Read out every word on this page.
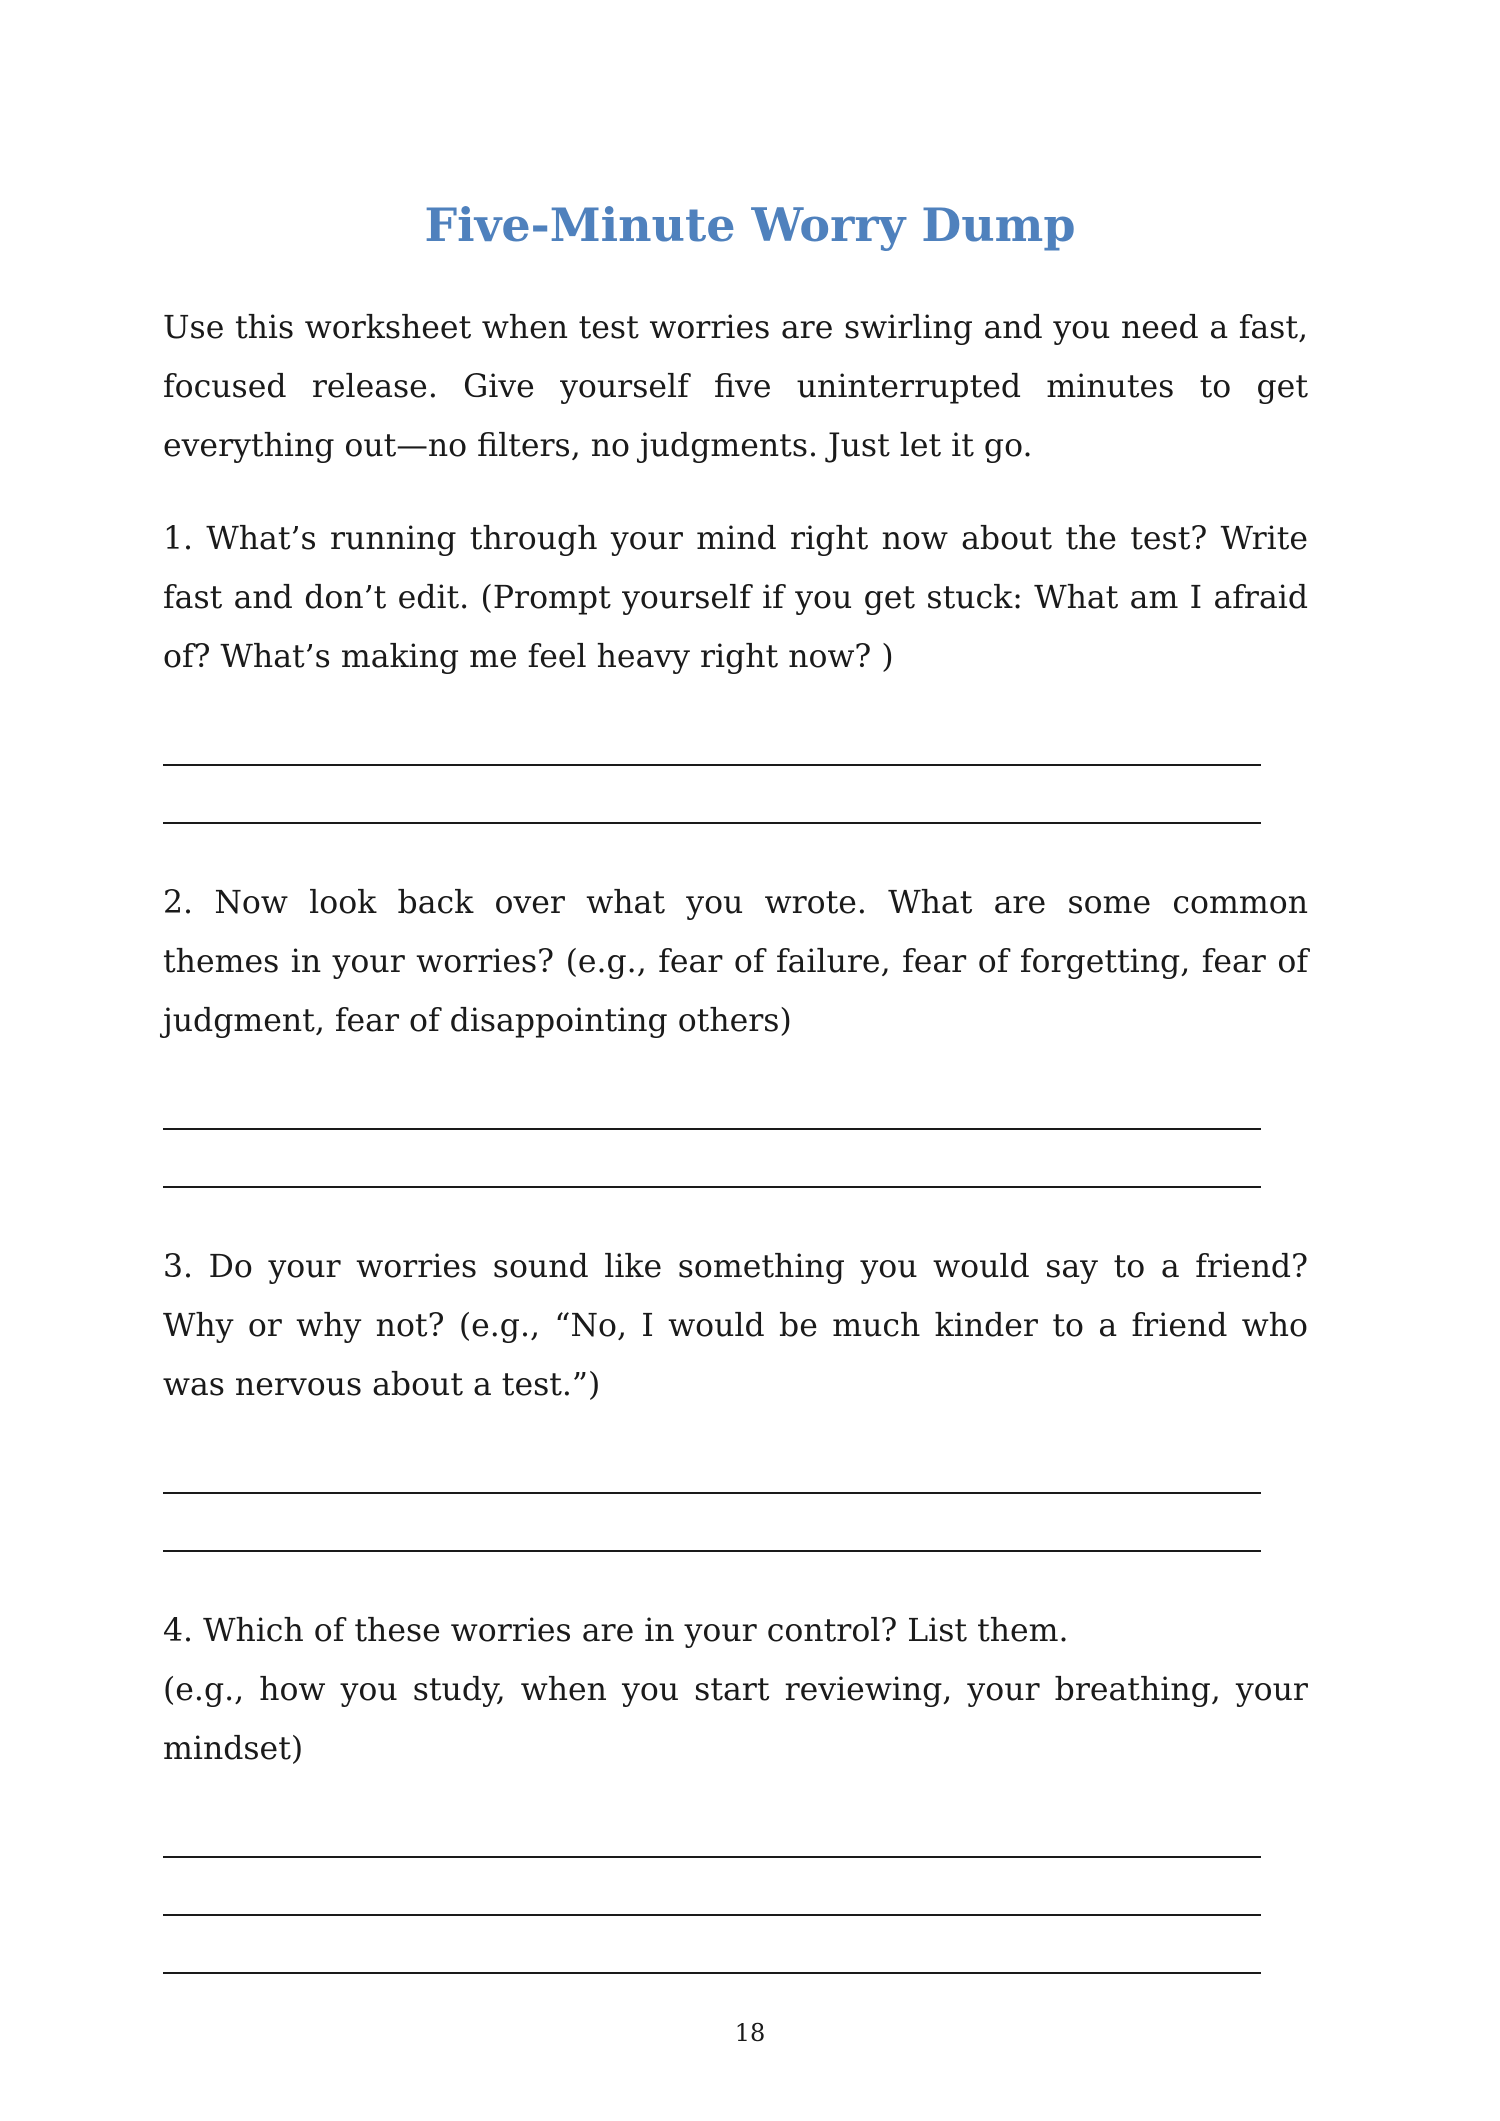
Five-Minute Worry Dump

Use this worksheet when test worries are swirling and you need a fast, focused release. Give yourself five uninterrupted minutes to get everything out—no filters, no judgments. Just let it go.

1. What’s running through your mind right now about the test? Write fast and don’t edit. (Prompt yourself if you get stuck: What am I afraid of? What’s making me feel heavy right now? )

2. Now look back over what you wrote. What are some common themes in your worries? (e.g., fear of failure, fear of forgetting, fear of judgment, fear of disappointing others)

3. Do your worries sound like something you would say to a friend? Why or why not? (e.g., “No, I would be much kinder to a friend who was nervous about a test.”)

4. Which of these worries are in your control? List them.
(e.g., how you study, when you start reviewing, your breathing, your
mindset)

18
